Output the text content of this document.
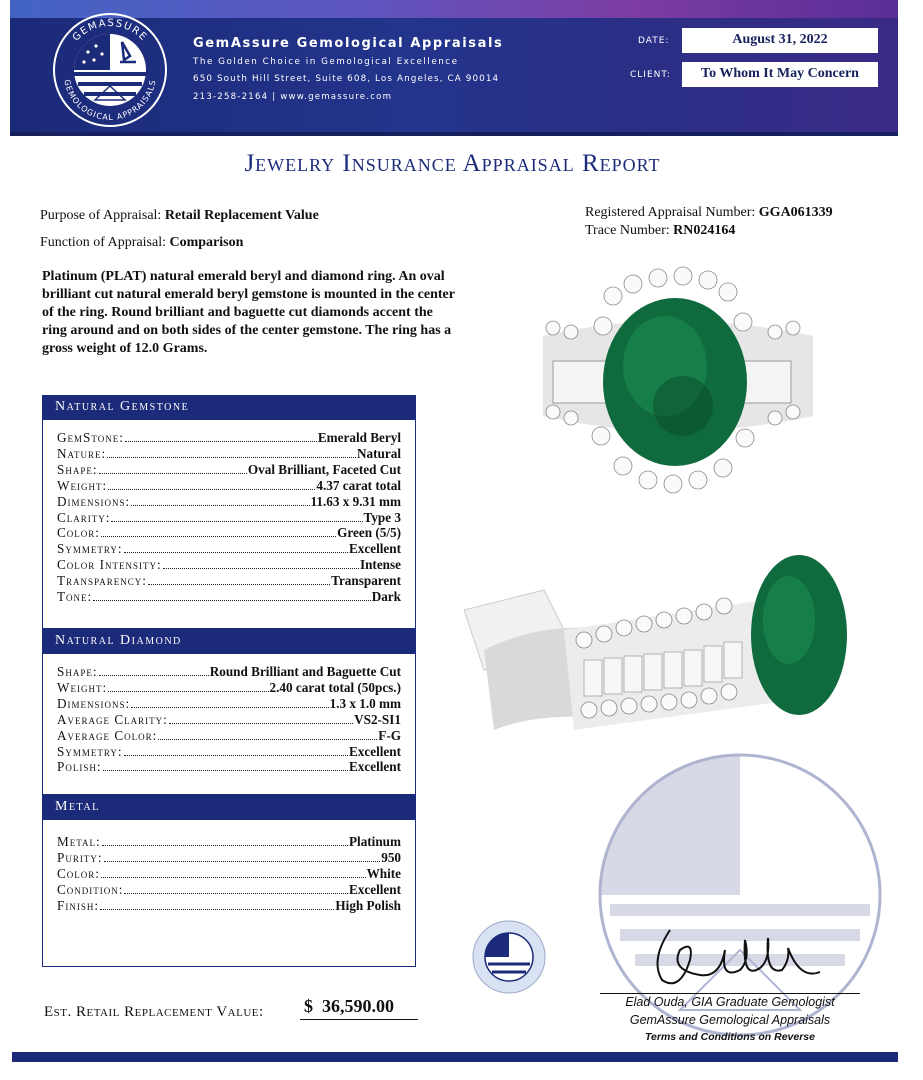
GEMASSURE
GEMOLOGICAL APPRAISALS
GemAssure Gemological Appraisals
The Golden Choice in Gemological Excellence
650 South Hill Street, Suite 608, Los Angeles, CA 90014
213-258-2164 | www.gemassure.com
DATE:	August 31, 2022
CLIENT:	To Whom It May Concern
Jewelry Insurance Appraisal Report
Purpose of Appraisal: Retail Replacement Value
Function of Appraisal: Comparison
Registered Appraisal Number: GGA061339
Trace Number: RN024164
Platinum (PLAT) natural emerald beryl and diamond ring. An oval brilliant cut natural emerald beryl gemstone is mounted in the center of the ring. Round brilliant and baguette cut diamonds accent the ring around and on both sides of the center gemstone. The ring has a gross weight of 12.0 Grams.
Natural Gemstone
GemStone:	Emerald Beryl
Nature:	Natural
Shape:	Oval Brilliant, Faceted Cut
Weight:	4.37 carat total
Dimensions:	11.63 x 9.31 mm
Clarity:	Type 3
Color:	Green (5/5)
Symmetry:	Excellent
Color Intensity:	Intense
Transparency:	Transparent
Tone:	Dark
Natural Diamond
Shape:	Round Brilliant and Baguette Cut
Weight:	2.40 carat total (50pcs.)
Dimensions:	1.3 x 1.0 mm
Average Clarity:	VS2-SI1
Average Color:	F-G
Symmetry:	Excellent
Polish:	Excellent
Metal
Metal:	Platinum
Purity:	950
Color:	White
Condition:	Excellent
Finish:	High Polish
Est. Retail Replacement Value: $ 36,590.00	Elad Ouda, GIA Graduate Gemologist
GemAssure Gemological Appraisals
Terms and Conditions on Reverse
